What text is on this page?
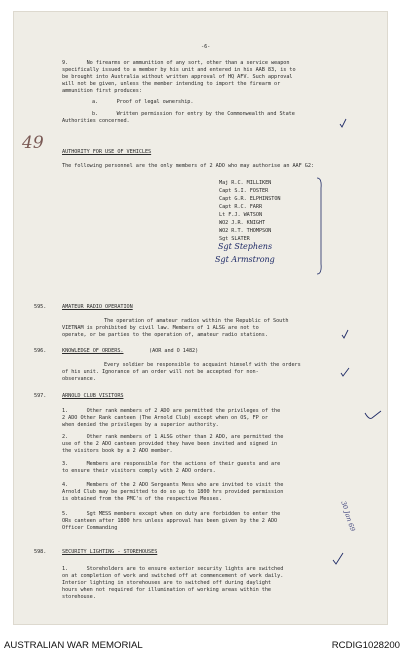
-6-
9.      No firearms or ammunition of any sort, other than a service weapon
specifically issued to a member by his unit and entered in his AAB 83, is to
be brought into Australia without written approval of HQ AFV. Such approval
will not be given, unless the member intending to import the firearm or
ammunition first produces:
a.      Proof of legal ownership.
b.      Written permission for entry by the Commonwealth and State
Authorities concerned.
49	AUTHORITY FOR USE OF VEHICLES
The following personnel are the only members of 2 ADO who may authorise an AAF G2:
Maj R.C. MILLIKEN
Capt S.I. FOSTER
Capt G.R. ELPHINSTON
Capt R.C. FARR
Lt F.J. WATSON
WO2 J.R. KNIGHT
WO2 R.T. THOMPSON
Sgt SLATER
Sgt Stephens
Sgt Armstrong
595.	AMATEUR RADIO OPERATION
The operation of amateur radios within the Republic of South
VIETNAM is prohibited by civil law. Members of 1 ALSG are not to
operate, or be parties to the operation of, amateur radio stations.
596.	KNOWLEDGE OF ORDERS.	(AOR and O 1482)
Every soldier be responsible to acquaint himself with the orders
of his unit. Ignorance of an order will not be accepted for non-
observance.
597.	ARNOLD CLUB VISITORS
1.      Other rank members of 2 ADO are permitted the privileges of the
2 ADO Other Rank canteen (The Arnold Club) except when on OS, FP or
when denied the privileges by a superior authority.
2.      Other rank members of 1 ALSG other than 2 ADO, are permitted the
use of the 2 ADO canteen provided they have been invited and signed in
the visitors book by a 2 ADO member.
3.      Members are responsible for the actions of their guests and are
to ensure their visitors comply with 2 ADO orders.
4.      Members of the 2 ADO Sergeants Mess who are invited to visit the
Arnold Club may be permitted to do so up to 1800 hrs provided permission
is obtained from the PMC's of the respective Messes.
5.      Sgt MESS members except when on duty are forbidden to enter the
ORs canteen after 1800 hrs unless approval has been given by the 2 ADO
Officer Commanding	30 Jan 69
598.	SECURITY LIGHTING - STOREHOUSES
1.      Storeholders are to ensure exterior security lights are switched
on at completion of work and switched off at commencement of work daily.
Interior lighting in storehouses are to switched off during daylight
hours when not required for illumination of working areas within the
storehouse.
AUSTRALIAN WAR MEMORIAL	RCDIG1028200
